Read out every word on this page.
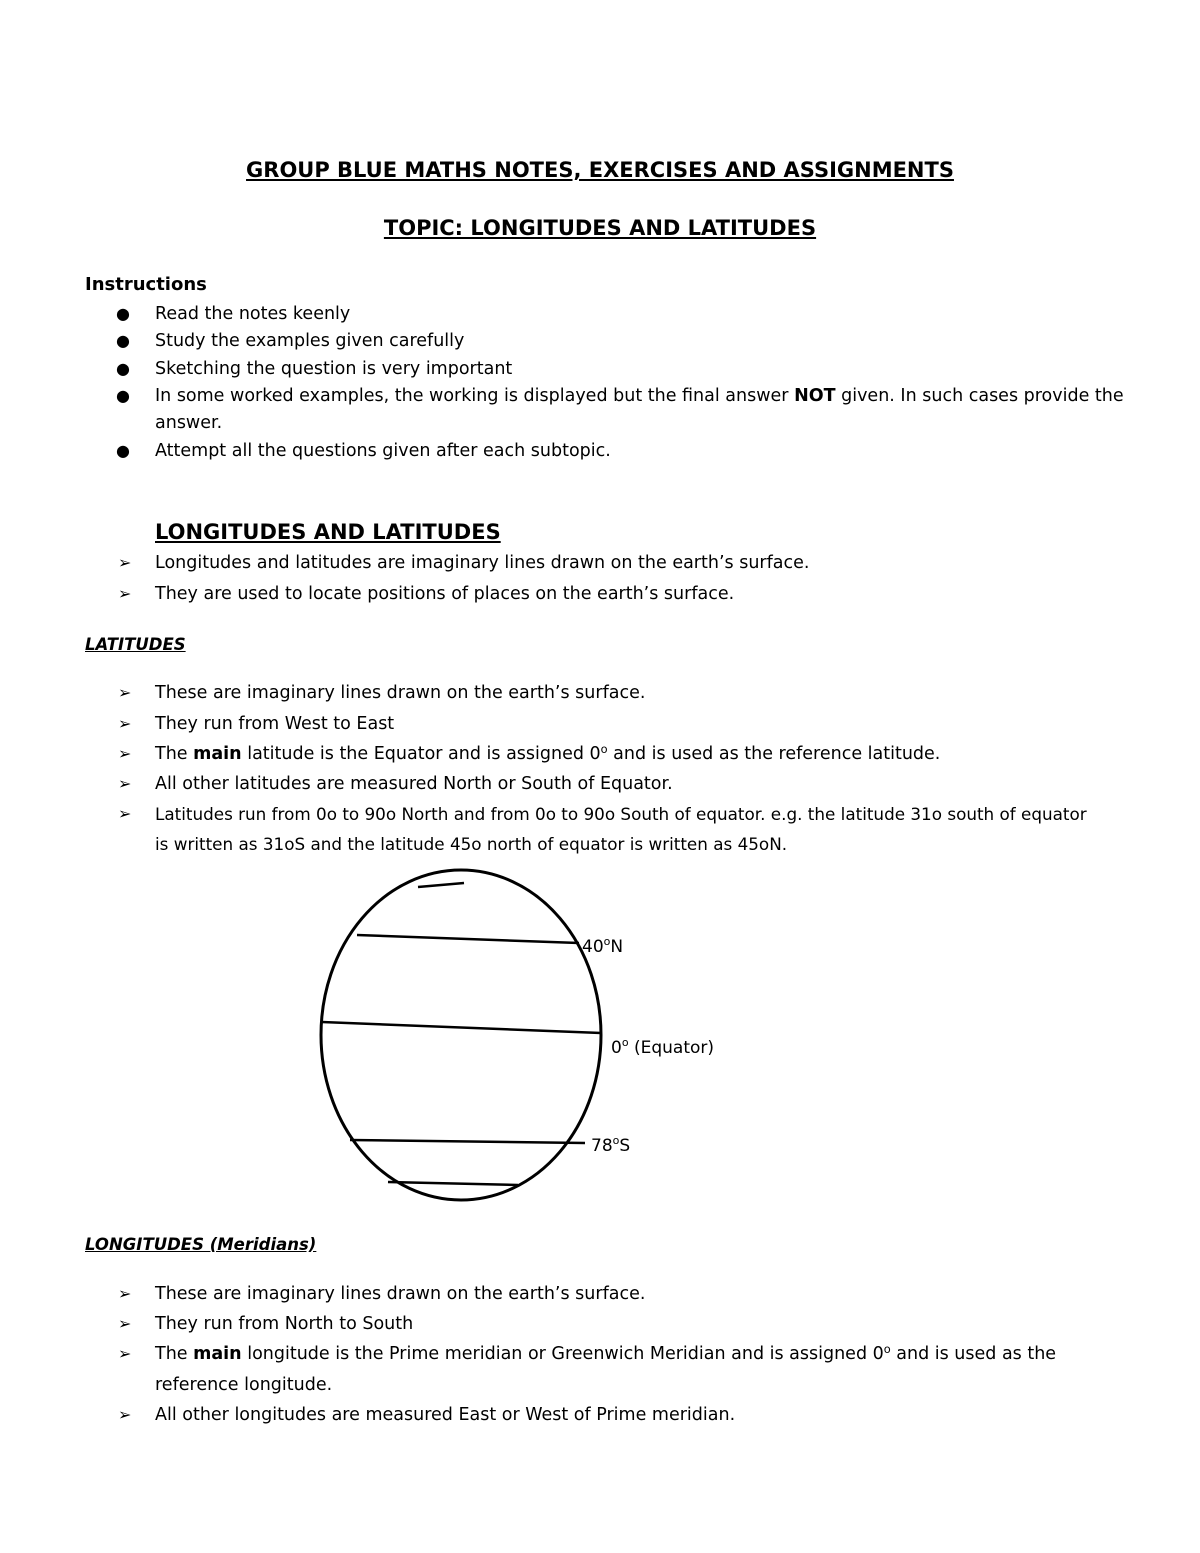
GROUP BLUE MATHS NOTES, EXERCISES AND ASSIGNMENTS
TOPIC: LONGITUDES AND LATITUDES
Instructions
● Read the notes keenly
● Study the examples given carefully
● Sketching the question is very important
● In some worked examples, the working is displayed but the final answer NOT given. In such cases provide the
answer.
● Attempt all the questions given after each subtopic.
LONGITUDES AND LATITUDES
➢ Longitudes and latitudes are imaginary lines drawn on the earth’s surface.
➢ They are used to locate positions of places on the earth’s surface.
LATITUDES
➢ These are imaginary lines drawn on the earth’s surface.
➢ They run from West to East
➢ The main latitude is the Equator and is assigned 0$^o$ and is used as the reference latitude.
➢ All other latitudes are measured North or South of Equator.
➢ Latitudes run from 0o to 90o North and from 0o to 90o South of equator. e.g. the latitude 31o south of equator
is written as 31oS and the latitude 45o north of equator is written as 45oN.
40$^o$N
0$^o$ (Equator)
78$^o$S
LONGITUDES (Meridians)
➢ These are imaginary lines drawn on the earth’s surface.
➢ They run from North to South
➢ The main longitude is the Prime meridian or Greenwich Meridian and is assigned 0$^o$ and is used as the
reference longitude.
➢ All other longitudes are measured East or West of Prime meridian.
